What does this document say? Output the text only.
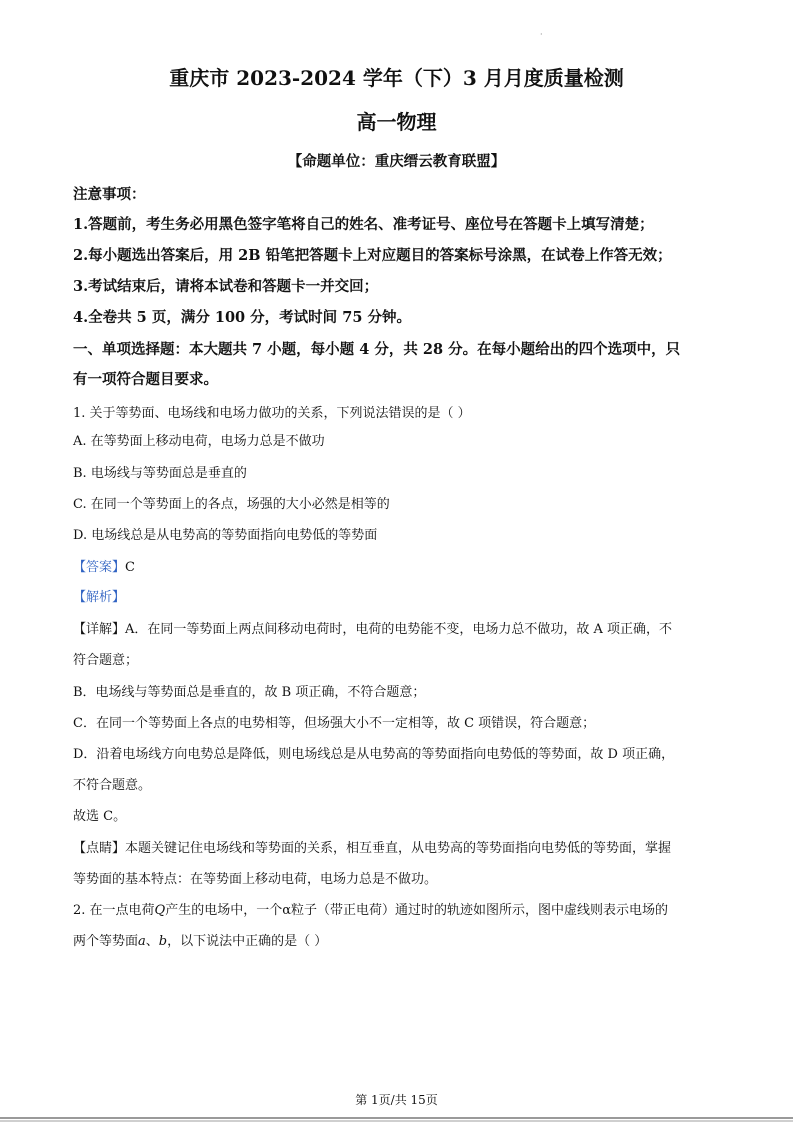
·
重庆市 2023-2024 学年（下）3 月月度质量检测
高一物理
【命题单位：重庆缙云教育联盟】
注意事项：
1.答题前，考生务必用黑色签字笔将自己的姓名、准考证号、座位号在答题卡上填写清楚；
2.每小题选出答案后，用 2B 铅笔把答题卡上对应题目的答案标号涂黑，在试卷上作答无效；
3.考试结束后，请将本试卷和答题卡一并交回；
4.全卷共 5 页，满分 100 分，考试时间 75 分钟。
一、单项选择题：本大题共 7 小题，每小题 4 分，共 28 分。在每小题给出的四个选项中，只
有一项符合题目要求。
1. 关于等势面、电场线和电场力做功的关系，下列说法错误的是（ ）
A. 在等势面上移动电荷，电场力总是不做功
B. 电场线与等势面总是垂直的
C. 在同一个等势面上的各点，场强的大小必然是相等的
D. 电场线总是从电势高的等势面指向电势低的等势面
【答案】C
【解析】
【详解】A．在同一等势面上两点间移动电荷时，电荷的电势能不变，电场力总不做功，故 A 项正确，不
符合题意；
B．电场线与等势面总是垂直的，故 B 项正确，不符合题意；
C．在同一个等势面上各点的电势相等，但场强大小不一定相等，故 C 项错误，符合题意；
D．沿着电场线方向电势总是降低，则电场线总是从电势高的等势面指向电势低的等势面，故 D 项正确，
不符合题意。
故选 C。
【点睛】本题关键记住电场线和等势面的关系，相互垂直，从电势高的等势面指向电势低的等势面，掌握
等势面的基本特点：在等势面上移动电荷，电场力总是不做功。
2. 在一点电荷Q产生的电场中，一个α粒子（带正电荷）通过时的轨迹如图所示，图中虚线则表示电场的
两个等势面a、b，以下说法中正确的是（ ）
第 1页/共 15页
